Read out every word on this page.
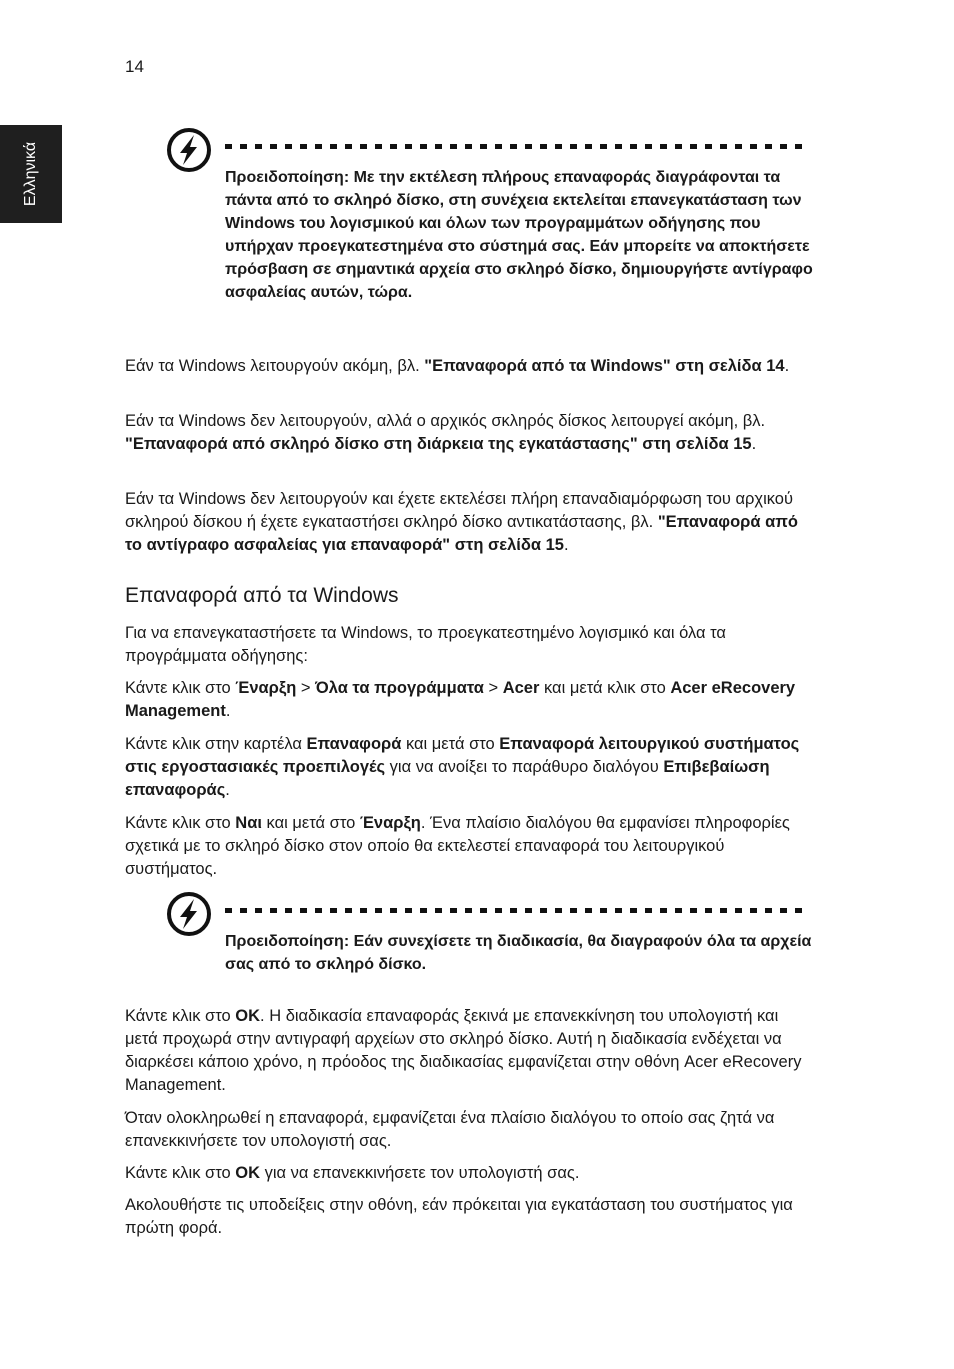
14
Ελληνικά	Προειδοποίηση: Με την εκτέλεση πλήρους επαναφοράς διαγράφονται τα πάντα από το σκληρό δίσκο, στη συνέχεια εκτελείται επανεγκατάσταση των Windows του λογισμικού και όλων των προγραμμάτων οδήγησης που υπήρχαν προεγκατεστημένα στο σύστημά σας. Εάν μπορείτε να αποκτήσετε πρόσβαση σε σημαντικά αρχεία στο σκληρό δίσκο, δημιουργήστε αντίγραφο ασφαλείας αυτών, τώρα.

Εάν τα Windows λειτουργούν ακόμη, βλ. "Επαναφορά από τα Windows" στη σελίδα 14.

Εάν τα Windows δεν λειτουργούν, αλλά ο αρχικός σκληρός δίσκος λειτουργεί ακόμη, βλ. "Επαναφορά από σκληρό δίσκο στη διάρκεια της εγκατάστασης" στη σελίδα 15.

Εάν τα Windows δεν λειτουργούν και έχετε εκτελέσει πλήρη επαναδιαμόρφωση του αρχικού σκληρού δίσκου ή έχετε εγκαταστήσει σκληρό δίσκο αντικατάστασης, βλ. "Επαναφορά από το αντίγραφο ασφαλείας για επαναφορά" στη σελίδα 15.

Επαναφορά από τα Windows

Για να επανεγκαταστήσετε τα Windows, το προεγκατεστημένο λογισμικό και όλα τα προγράμματα οδήγησης:

Κάντε κλικ στο Έναρξη > Όλα τα προγράμματα > Acer και μετά κλικ στο Acer eRecovery Management.

Κάντε κλικ στην καρτέλα Επαναφορά και μετά στο Επαναφορά λειτουργικού συστήματος στις εργοστασιακές προεπιλογές για να ανοίξει το παράθυρο διαλόγου Επιβεβαίωση επαναφοράς.

Κάντε κλικ στο Ναι και μετά στο Έναρξη. Ένα πλαίσιο διαλόγου θα εμφανίσει πληροφορίες σχετικά με το σκληρό δίσκο στον οποίο θα εκτελεστεί επαναφορά του λειτουργικού συστήματος.

Προειδοποίηση: Εάν συνεχίσετε τη διαδικασία, θα διαγραφούν όλα τα αρχεία σας από το σκληρό δίσκο.

Κάντε κλικ στο OK. Η διαδικασία επαναφοράς ξεκινά με επανεκκίνηση του υπολογιστή και μετά προχωρά στην αντιγραφή αρχείων στο σκληρό δίσκο. Αυτή η διαδικασία ενδέχεται να διαρκέσει κάποιο χρόνο, η πρόοδος της διαδικασίας εμφανίζεται στην οθόνη Acer eRecovery Management.

Όταν ολοκληρωθεί η επαναφορά, εμφανίζεται ένα πλαίσιο διαλόγου το οποίο σας ζητά να επανεκκινήσετε τον υπολογιστή σας.

Κάντε κλικ στο OK για να επανεκκινήσετε τον υπολογιστή σας.

Ακολουθήστε τις υποδείξεις στην οθόνη, εάν πρόκειται για εγκατάσταση του συστήματος για πρώτη φορά.
